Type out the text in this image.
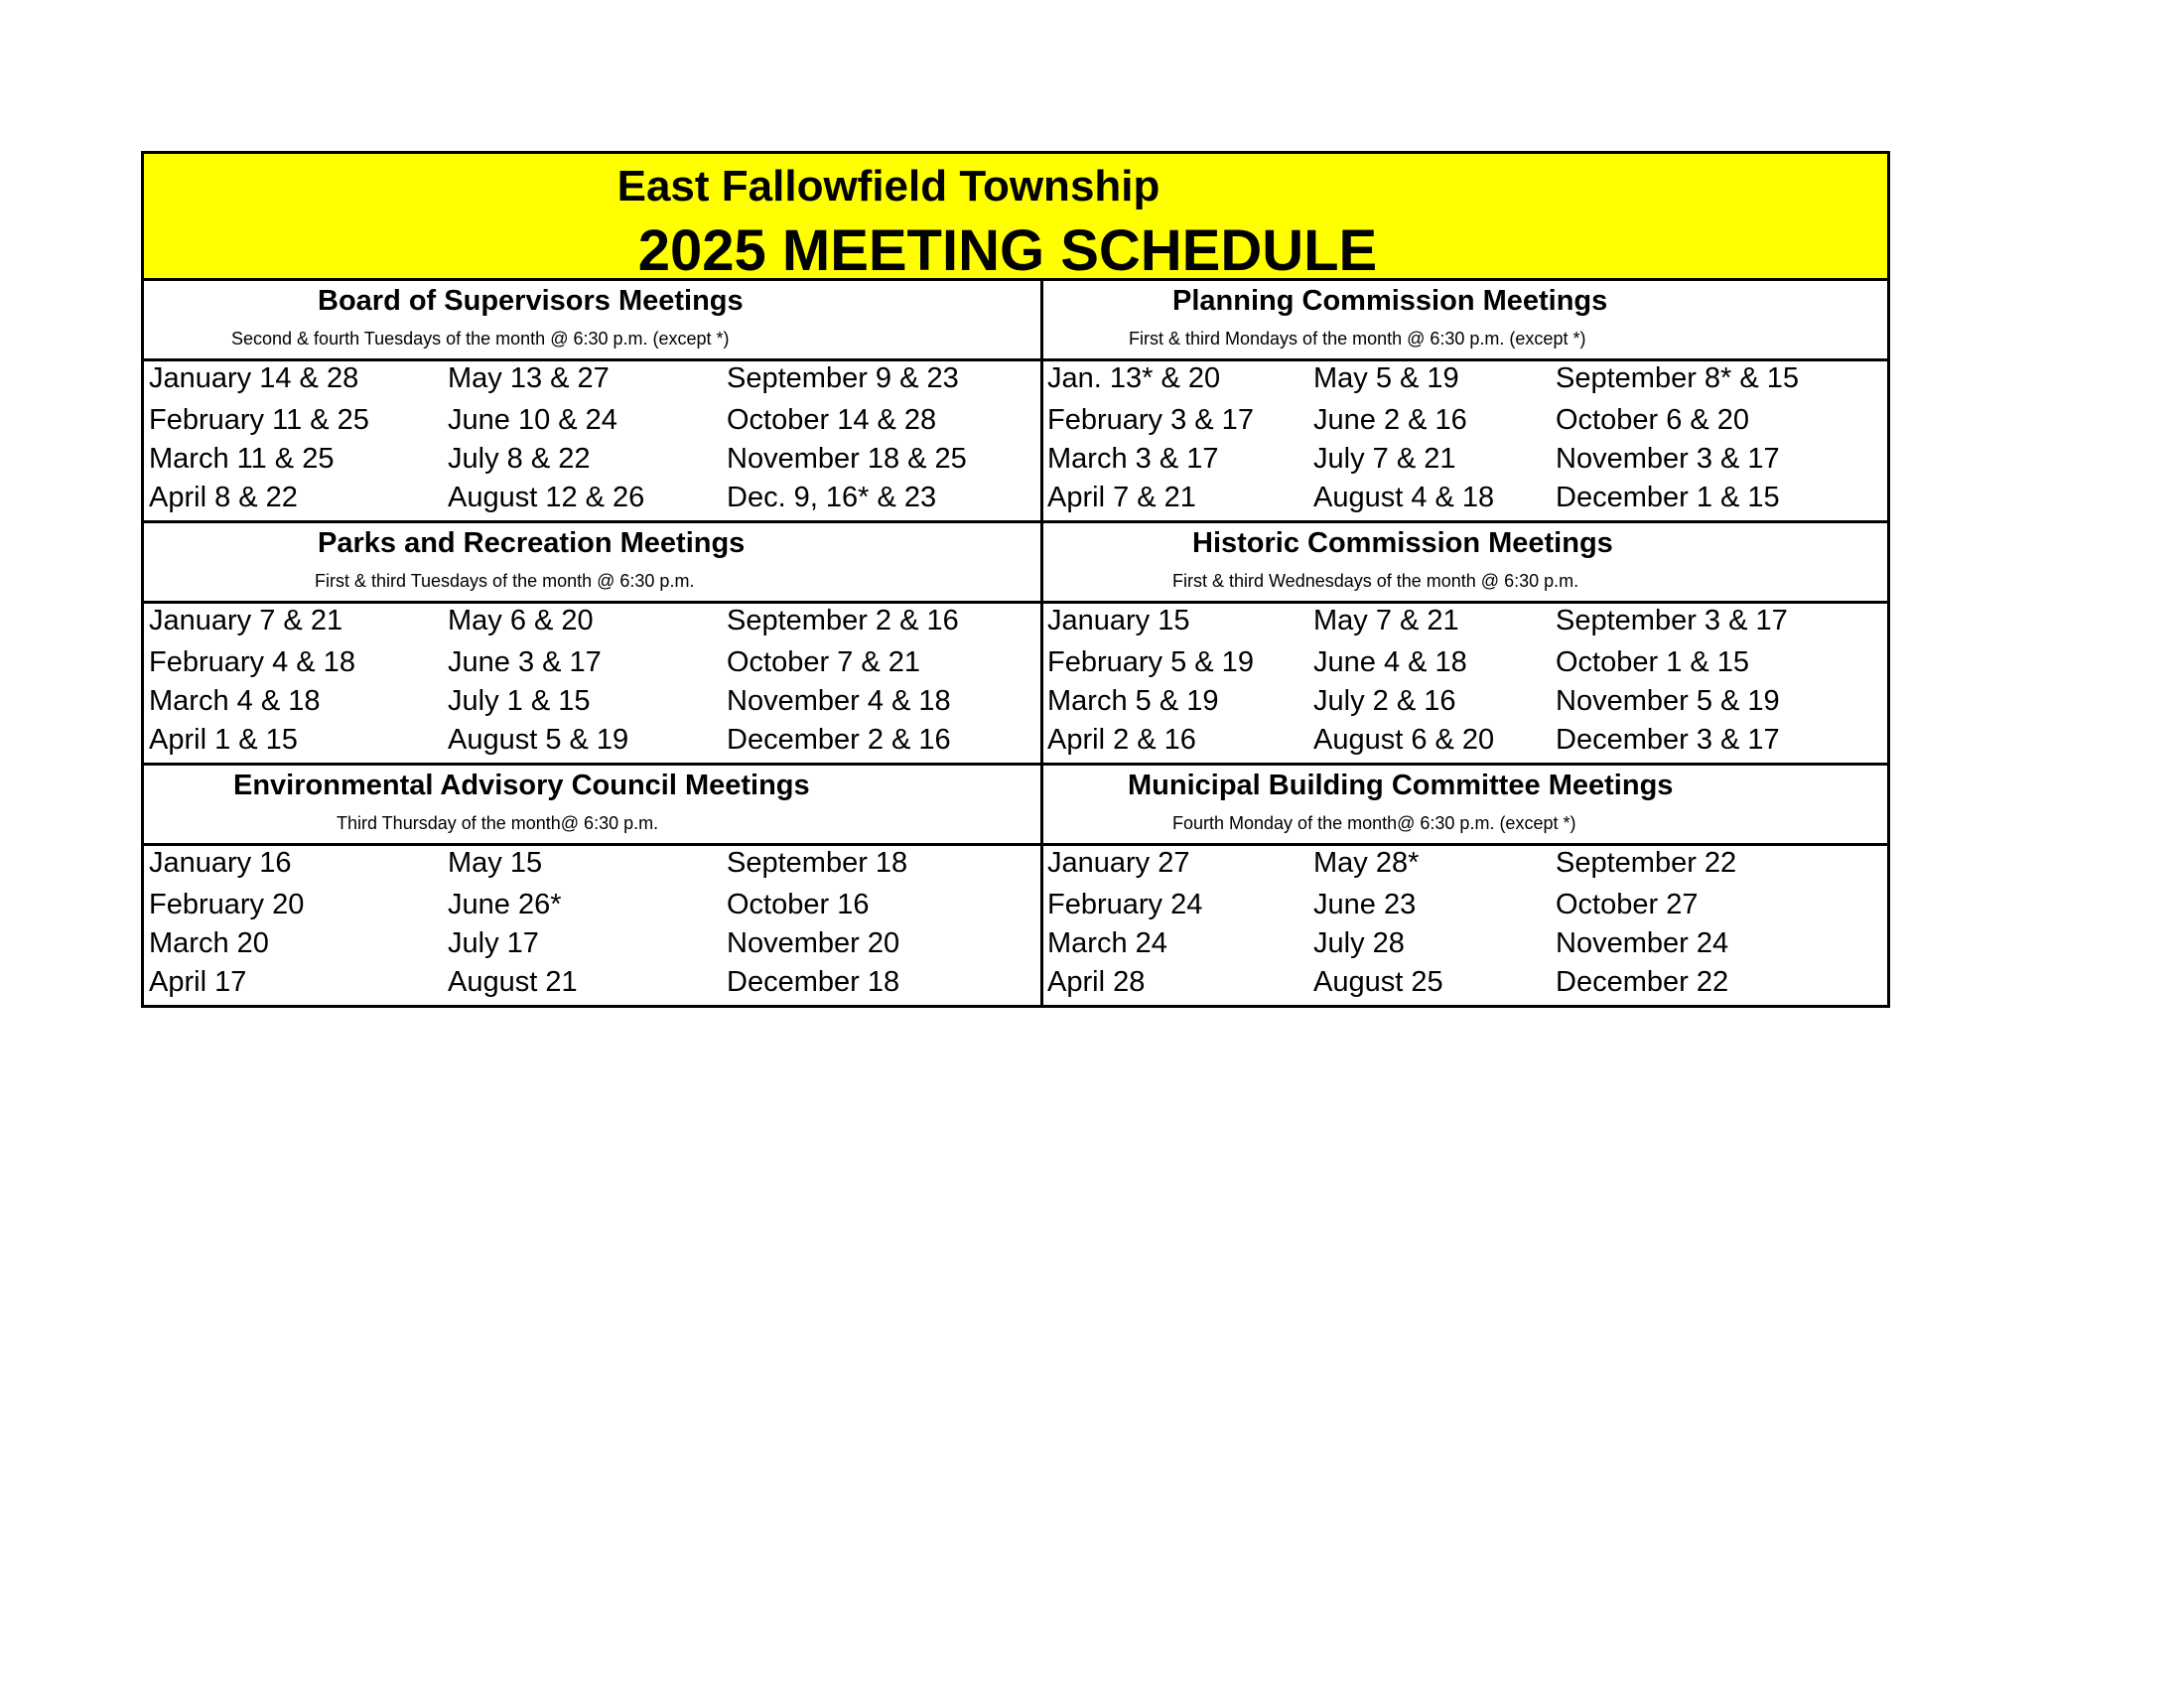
East Fallowfield Township
2025 MEETING SCHEDULE
Board of Supervisors Meetings
Second & fourth Tuesdays of the month @ 6:30 p.m. (except *)
January 14 & 28
February 11 & 25
March 11 & 25
April 8 & 22
May 13 & 27
June 10 & 24
July 8 & 22
August 12 & 26
September 9 & 23
October 14 & 28
November 18 & 25
Dec. 9, 16* & 23
Planning Commission Meetings
First & third Mondays of the month @ 6:30 p.m. (except *)
Jan. 13* & 20
February 3 & 17
March 3 & 17
April 7 & 21
May 5 & 19
June 2 & 16
July 7 & 21
August 4 & 18
September 8* & 15
October 6 & 20
November 3 & 17
December 1 & 15
Parks and Recreation Meetings
First & third Tuesdays of the month @ 6:30 p.m.
January 7 & 21
February 4 & 18
March 4 & 18
April 1 & 15
May 6 & 20
June 3 & 17
July 1 & 15
August 5 & 19
September 2 & 16
October 7 & 21
November 4 & 18
December 2 & 16
Historic Commission Meetings
First & third Wednesdays of the month @ 6:30 p.m.
January 15
February 5 & 19
March 5 & 19
April 2 & 16
May 7 & 21
June 4 & 18
July 2 & 16
August 6 & 20
September 3 & 17
October 1 & 15
November 5 & 19
December 3 & 17
Environmental Advisory Council Meetings
Third Thursday of the month@ 6:30 p.m.
January 16
February 20
March 20
April 17
May 15
June 26*
July 17
August 21
September 18
October 16
November 20
December 18
Municipal Building Committee Meetings
Fourth Monday of the month@ 6:30 p.m. (except *)
January 27
February 24
March 24
April 28
May 28*
June 23
July 28
August 25
September 22
October 27
November 24
December 22
